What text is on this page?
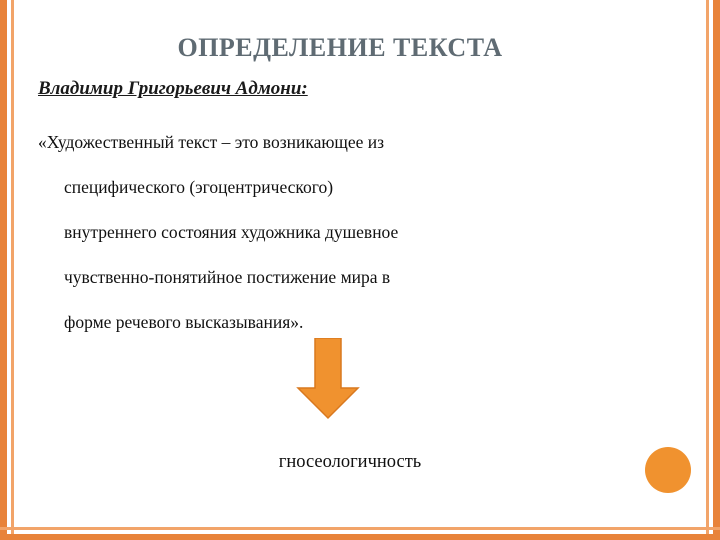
ОПРЕДЕЛЕНИЕ ТЕКСТА
Владимир Григорьевич Адмони:
«Художественный текст – это возникающее из
специфического (эгоцентрического)
внутреннего состояния художника душевное
чувственно-понятийное постижение мира в
форме речевого высказывания».
гносеологичность
